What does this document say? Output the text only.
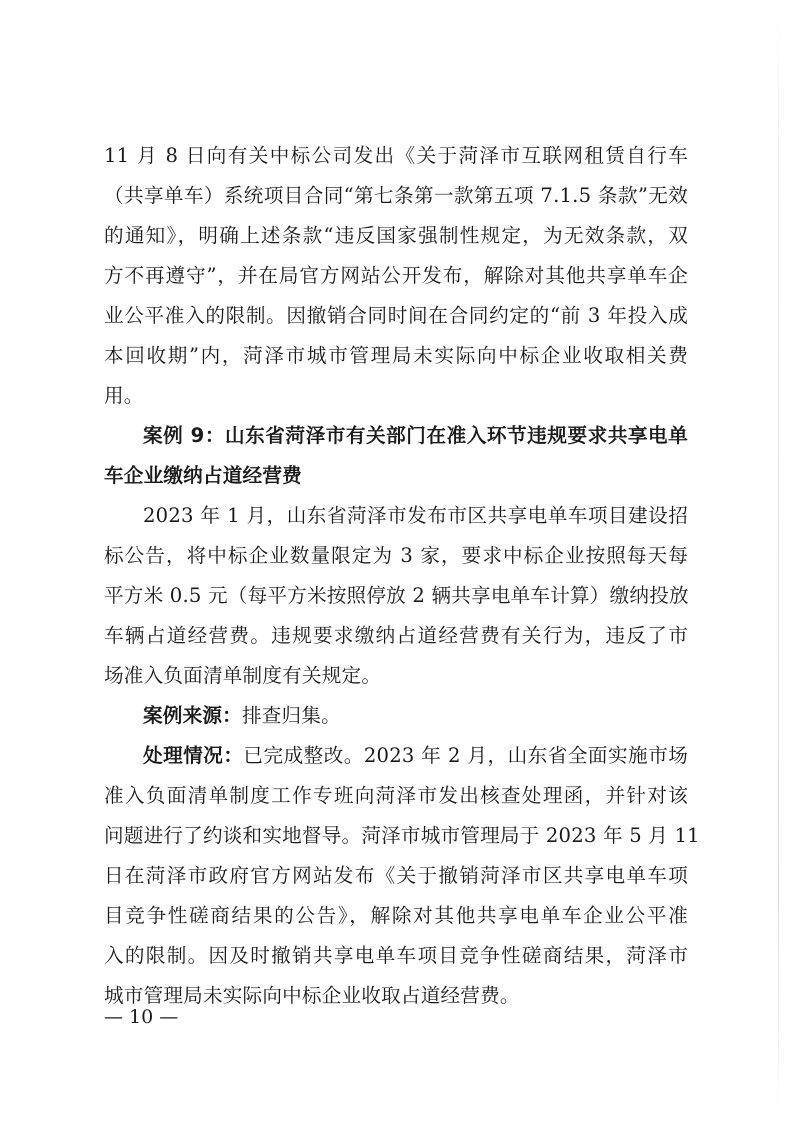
11 月 8 日向有关中标公司发出《关于菏泽市互联网租赁自行车
（共享单车）系统项目合同“第七条第一款第五项 7.1.5 条款”无效
的通知》，明确上述条款“违反国家强制性规定，为无效条款，双
方不再遵守”，并在局官方网站公开发布，解除对其他共享单车企
业公平准入的限制。因撤销合同时间在合同约定的“前 3 年投入成
本回收期”内，菏泽市城市管理局未实际向中标企业收取相关费
用。
案例 9：山东省菏泽市有关部门在准入环节违规要求共享电单
车企业缴纳占道经营费
2023 年 1 月，山东省菏泽市发布市区共享电单车项目建设招
标公告，将中标企业数量限定为 3 家，要求中标企业按照每天每
平方米 0.5 元（每平方米按照停放 2 辆共享电单车计算）缴纳投放
车辆占道经营费。违规要求缴纳占道经营费有关行为，违反了市
场准入负面清单制度有关规定。
案例来源：排查归集。
处理情况：已完成整改。2023 年 2 月，山东省全面实施市场
准入负面清单制度工作专班向菏泽市发出核查处理函，并针对该
问题进行了约谈和实地督导。菏泽市城市管理局于 2023 年 5 月 11
日在菏泽市政府官方网站发布《关于撤销菏泽市区共享电单车项
目竞争性磋商结果的公告》，解除对其他共享电单车企业公平准
入的限制。因及时撤销共享电单车项目竞争性磋商结果，菏泽市
城市管理局未实际向中标企业收取占道经营费。
— 10 —
